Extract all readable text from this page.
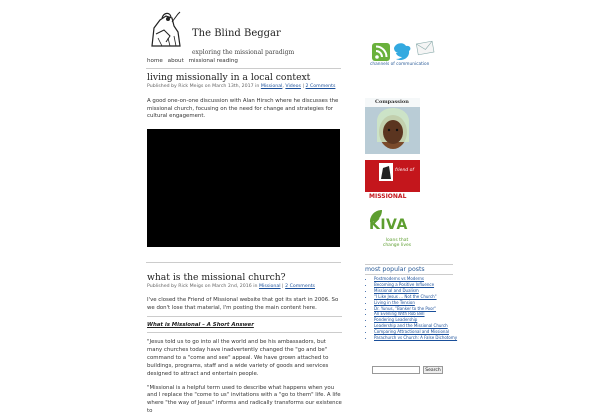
The Blind Beggar
exploring the missional paradigm
home about missional reading
living missionally in a local context
Published by Rick Meigs on March 13th, 2017 in Missional, Videos | 2 Comments
A good one-on-one discussion with Alan Hirsch where he discusses the missional church, focusing on the need for change and strategies for cultural engagement.
what is the missional church?
Published by Rick Meigs on March 2nd, 2016 in Missional | 2 Comments
I've closed the Friend of Missional website that got its start in 2006. So we don't lose that material, I'm posting the main content here.
What is Missional – A Short Answer
"Jesus told us to go into all the world and be his ambassadors, but many churches today have inadvertently changed the "go and be" command to a "come and see" appeal. We have grown attached to buildings, programs, staff and a wide variety of goods and services designed to attract and entertain people.
"Missional is a helpful term used to describe what happens when you and I replace the "come to us" invitations with a "go to them" life. A life where "the way of Jesus" informs and radically transforms our existence to
channels of communication
Compassion
friend of
MISSIONAL
KIVA
loans that change lives
most popular posts
• Postmoderns vs Moderns
• Becoming a Positive Influence
• Missional and Dualism
• "I Like Jesus … Not the Church"
• Living in the Tension
• Dr. Yunus, "Banker to the Poor"
• An Evening With Rob Bell
• Pondering Leadership
• Leadership and the Missional Church
• Comparing Attractional and Missional
• Parachurch vs Church: A False Dichotomy
Search
